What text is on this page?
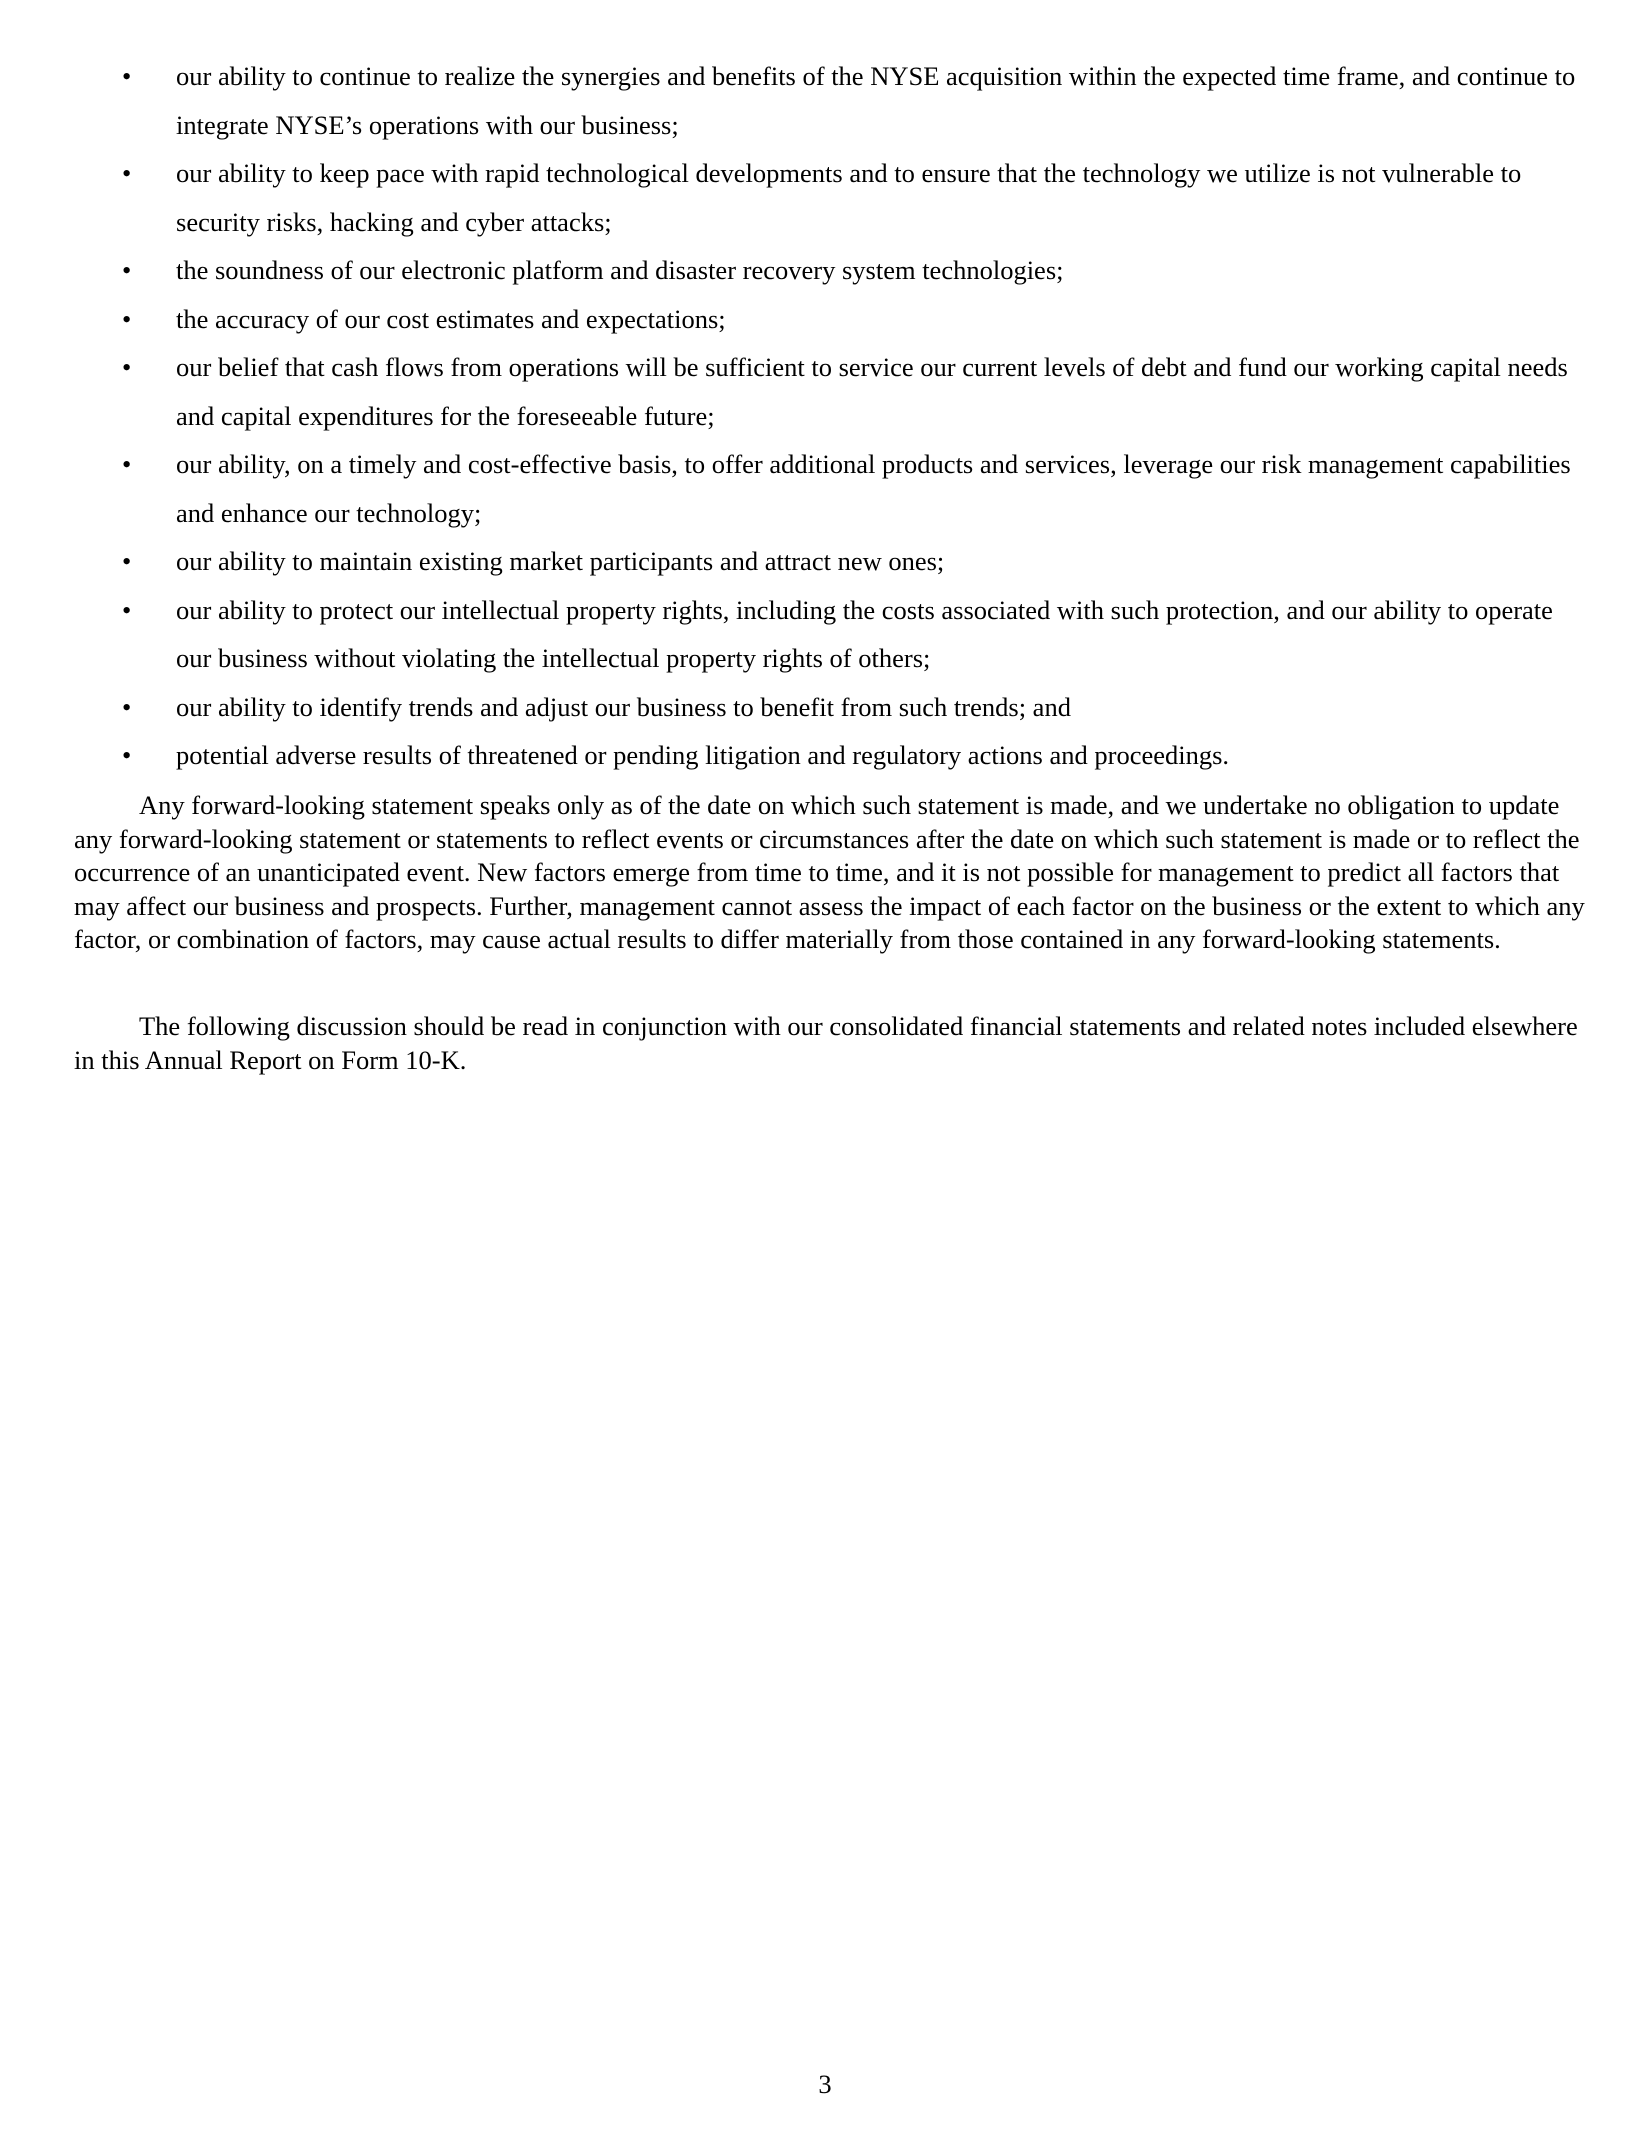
• our ability to continue to realize the synergies and benefits of the NYSE acquisition within the expected time frame, and continue to integrate NYSE’s operations with our business;
• our ability to keep pace with rapid technological developments and to ensure that the technology we utilize is not vulnerable to security risks, hacking and cyber attacks;
• the soundness of our electronic platform and disaster recovery system technologies;
• the accuracy of our cost estimates and expectations;
• our belief that cash flows from operations will be sufficient to service our current levels of debt and fund our working capital needs and capital expenditures for the foreseeable future;
• our ability, on a timely and cost-effective basis, to offer additional products and services, leverage our risk management capabilities and enhance our technology;
• our ability to maintain existing market participants and attract new ones;
• our ability to protect our intellectual property rights, including the costs associated with such protection, and our ability to operate our business without violating the intellectual property rights of others;
• our ability to identify trends and adjust our business to benefit from such trends; and
• potential adverse results of threatened or pending litigation and regulatory actions and proceedings.

Any forward-looking statement speaks only as of the date on which such statement is made, and we undertake no obligation to update any forward-looking statement or statements to reflect events or circumstances after the date on which such statement is made or to reflect the occurrence of an unanticipated event. New factors emerge from time to time, and it is not possible for management to predict all factors that may affect our business and prospects. Further, management cannot assess the impact of each factor on the business or the extent to which any factor, or combination of factors, may cause actual results to differ materially from those contained in any forward-looking statements.

The following discussion should be read in conjunction with our consolidated financial statements and related notes included elsewhere in this Annual Report on Form 10-K.

3
